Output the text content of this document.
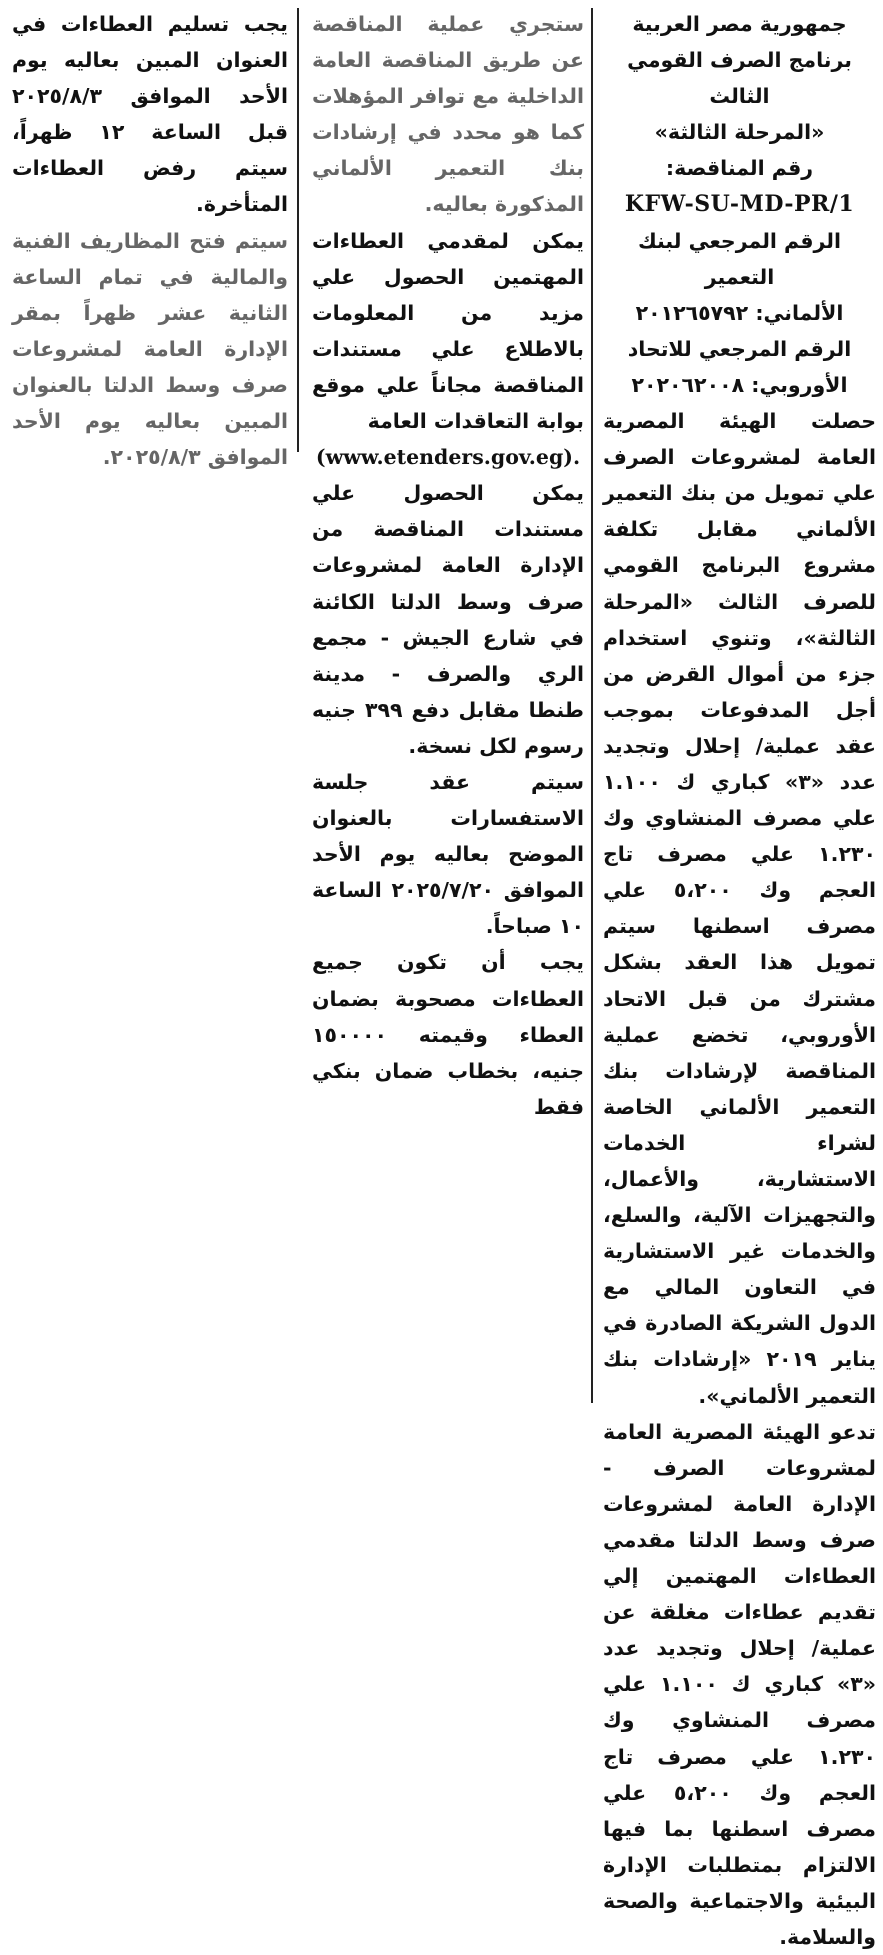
جمهورية مصر العربية

برنامج الصرف القومي الثالث

«المرحلة الثالثة»

رقم المناقصة:

KFW-SU-MD-PR/1

الرقم المرجعي لبنك التعمير

الألماني: ٢٠١٢٦٥٧٩٢

الرقم المرجعي للاتحاد

الأوروبي: ٢٠٢٠٦٢٠٠٨

حصلت الهيئة المصرية العامة لمشروعات الصرف علي تمويل من بنك التعمير الألماني مقابل تكلفة مشروع البرنامج القومي للصرف الثالث «المرحلة الثالثة»، وتنوي استخدام جزء من أموال القرض من أجل المدفوعات بموجب عقد عملية/ إحلال وتجديد عدد «٣» كباري ك ١.١٠٠ علي مصرف المنشاوي وك ١.٢٣٠ علي مصرف تاج العجم وك ٥،٢٠٠ علي مصرف اسطنها سيتم تمويل هذا العقد بشكل مشترك من قبل الاتحاد الأوروبي، تخضع عملية المناقصة لإرشادات بنك التعمير الألماني الخاصة لشراء الخدمات الاستشارية، والأعمال، والتجهيزات الآلية، والسلع، والخدمات غير الاستشارية في التعاون المالي مع الدول الشريكة الصادرة في يناير ٢٠١٩ «إرشادات بنك التعمير الألماني».

تدعو الهيئة المصرية العامة لمشروعات الصرف - الإدارة العامة لمشروعات صرف وسط الدلتا مقدمي العطاءات المهتمين إلي تقديم عطاءات مغلقة عن عملية/ إحلال وتجديد عدد «٣» كباري ك ١.١٠٠ علي مصرف المنشاوي وك ١.٢٣٠ علي مصرف تاج العجم وك ٥،٢٠٠ علي مصرف اسطنها بما فيها الالتزام بمتطلبات الإدارة البيئية والاجتماعية والصحة والسلامة.

ستجري عملية المناقصة عن طريق المناقصة العامة الداخلية مع توافر المؤهلات كما هو محدد في إرشادات بنك التعمير الألماني المذكورة بعاليه.

يمكن لمقدمي العطاءات المهتمين الحصول علي مزيد من المعلومات بالاطلاع علي مستندات المناقصة مجاناً علي موقع بوابة التعاقدات العامة

(www.etenders.gov.eg).

يمكن الحصول علي مستندات المناقصة من الإدارة العامة لمشروعات صرف وسط الدلتا الكائنة في شارع الجيش - مجمع الري والصرف - مدينة طنطا مقابل دفع ٣٩٩ جنيه رسوم لكل نسخة.

سيتم عقد جلسة الاستفسارات بالعنوان الموضح بعاليه يوم الأحد الموافق ٢٠٢٥/٧/٢٠ الساعة ١٠ صباحاً.

يجب أن تكون جميع العطاءات مصحوبة بضمان العطاء وقيمته ١٥٠٠٠٠ جنيه، بخطاب ضمان بنكي فقط

يجب تسليم العطاءات في العنوان المبين بعاليه يوم الأحد الموافق ٢٠٢٥/٨/٣ قبل الساعة ١٢ ظهراً، سيتم رفض العطاءات المتأخرة.

سيتم فتح المظاريف الفنية والمالية في تمام الساعة الثانية عشر ظهراً بمقر الإدارة العامة لمشروعات صرف وسط الدلتا بالعنوان المبين بعاليه يوم الأحد الموافق ٢٠٢٥/٨/٣.
